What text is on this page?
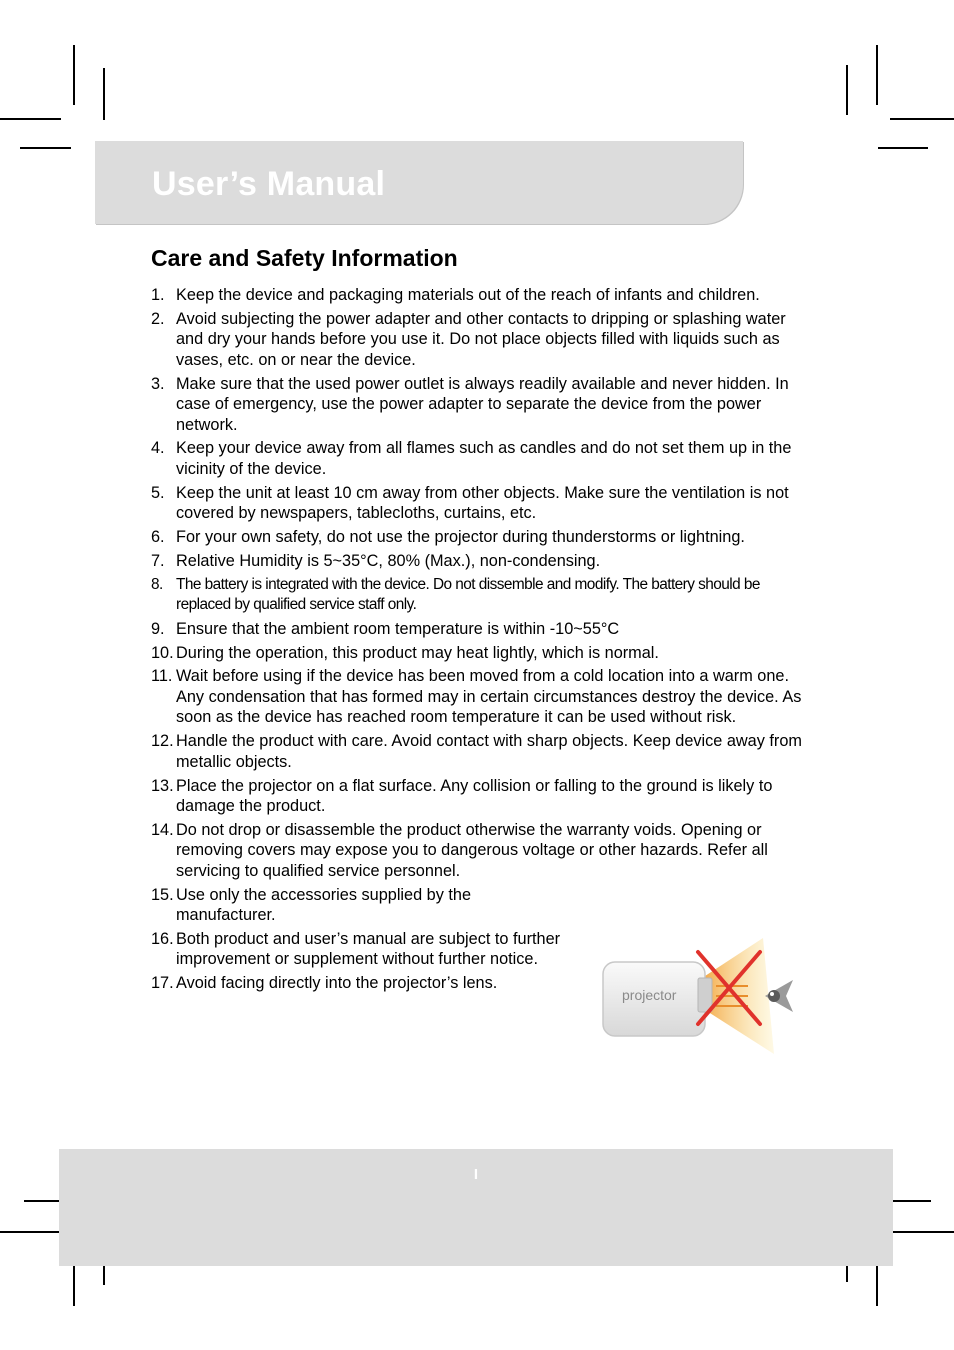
User’s Manual
Care and Safety Information
1. Keep the device and packaging materials out of the reach of infants and children.
2. Avoid subjecting the power adapter and other contacts to dripping or splashing water and dry your hands before you use it. Do not place objects filled with liquids such as vases, etc. on or near the device.
3. Make sure that the used power outlet is always readily available and never hidden. In case of emergency, use the power adapter to separate the device from the power network.
4. Keep your device away from all flames such as candles and do not set them up in the vicinity of the device.
5. Keep the unit at least 10 cm away from other objects. Make sure the ventilation is not covered by newspapers, tablecloths, curtains, etc.
6. For your own safety, do not use the projector during thunderstorms or lightning.
7. Relative Humidity is 5~35°C, 80% (Max.), non-condensing.
8. The battery is integrated with the device. Do not dissemble and modify. The battery should be replaced by qualified service staff only.
9. Ensure that the ambient room temperature is within -10~55°C
10. During the operation, this product may heat lightly, which is normal.
11. Wait before using if the device has been moved from a cold location into a warm one. Any condensation that has formed may in certain circumstances destroy the device. As soon as the device has reached room temperature it can be used without risk.
12. Handle the product with care. Avoid contact with sharp objects. Keep device away from metallic objects.
13. Place the projector on a flat surface. Any collision or falling to the ground is likely to damage the product.
14. Do not drop or disassemble the product otherwise the warranty voids. Opening or removing covers may expose you to dangerous voltage or other hazards. Refer all servicing to qualified service personnel.
15. Use only the accessories supplied by the manufacturer.
16. Both product and user’s manual are subject to further improvement or supplement without further notice.
17. Avoid facing directly into the projector’s lens.
projector
I
